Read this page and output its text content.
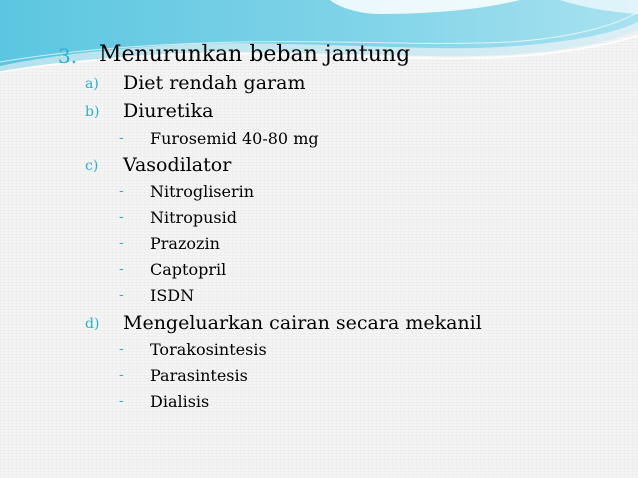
3. Menurunkan beban jantung
a) Diet rendah garam
b) Diuretika
- Furosemid 40-80 mg
c) Vasodilator
- Nitrogliserin
- Nitropusid
- Prazozin
- Captopril
- ISDN
d) Mengeluarkan cairan secara mekanil
- Torakosintesis
- Parasintesis
- Dialisis
